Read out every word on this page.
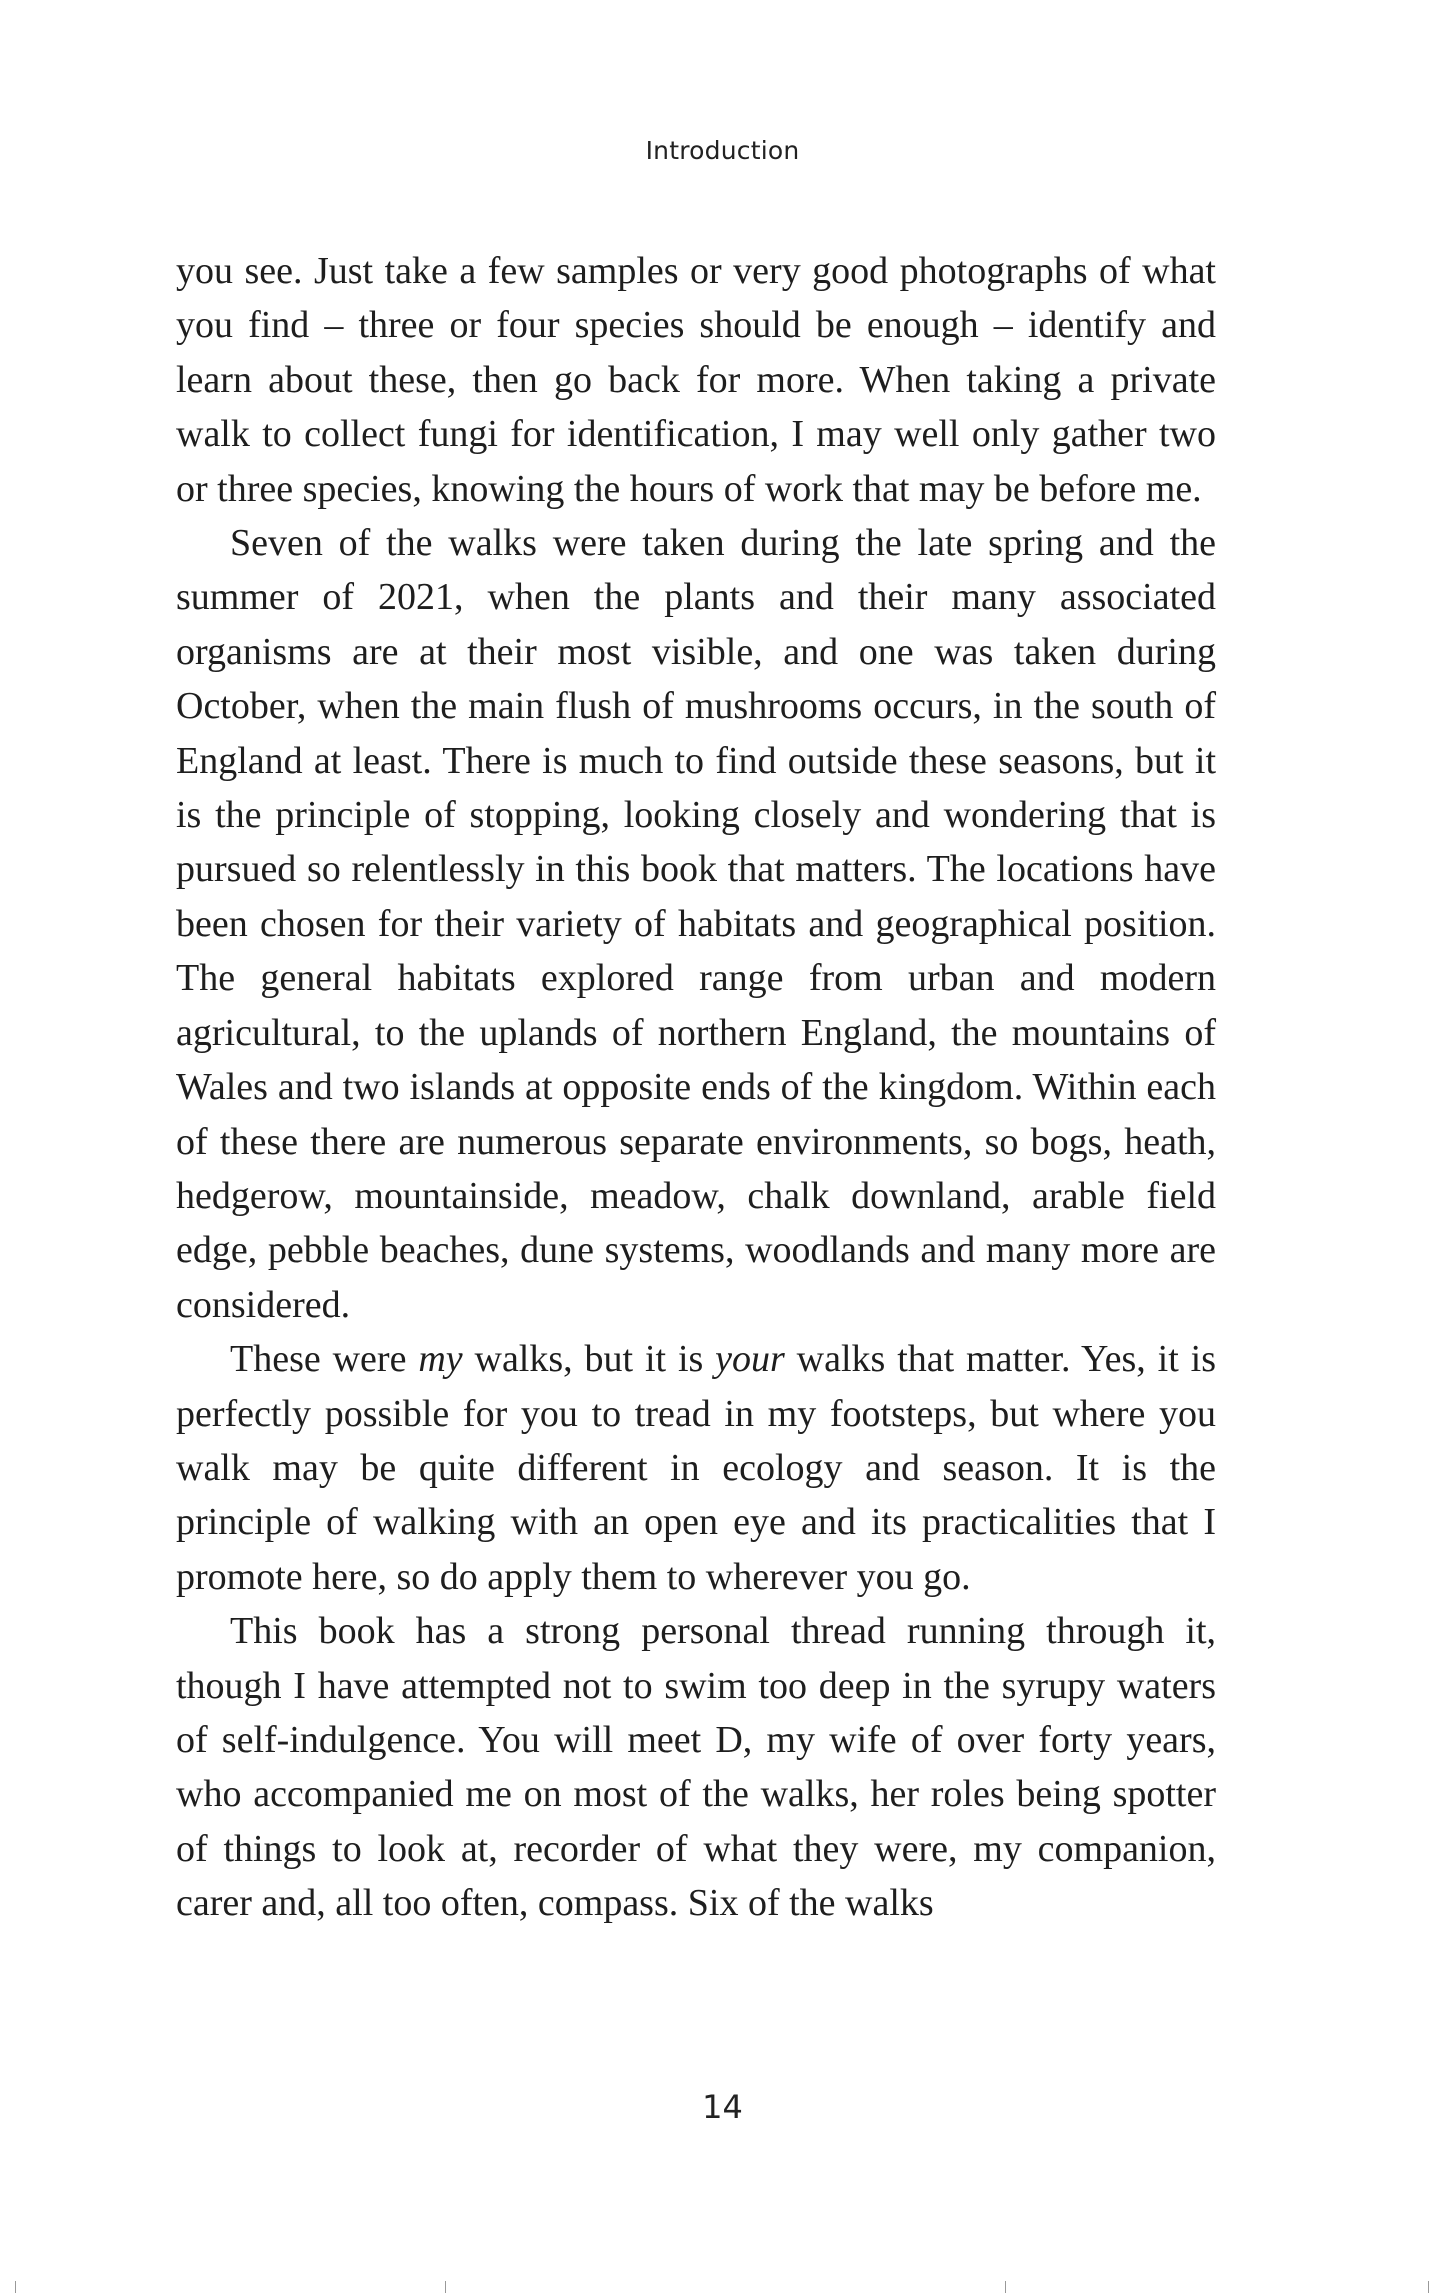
Introduction

you see. Just take a few samples or very good photographs of what you find – three or four species should be enough – identify and learn about these, then go back for more. When taking a private walk to collect fungi for identification, I may well only gather two or three species, knowing the hours of work that may be before me.

Seven of the walks were taken during the late spring and the summer of 2021, when the plants and their many associated organisms are at their most visible, and one was taken during October, when the main flush of mushrooms occurs, in the south of England at least. There is much to find outside these seasons, but it is the principle of stopping, looking closely and wondering that is pursued so relentlessly in this book that matters. The locations have been chosen for their variety of habitats and geographical position. The general habitats explored range from urban and modern agricultural, to the uplands of northern England, the mountains of Wales and two islands at opposite ends of the kingdom. Within each of these there are numerous separate environments, so bogs, heath, hedgerow, mountainside, meadow, chalk downland, arable field edge, pebble beaches, dune systems, woodlands and many more are considered.

These were my walks, but it is your walks that matter. Yes, it is perfectly possible for you to tread in my footsteps, but where you walk may be quite different in ecology and season. It is the principle of walking with an open eye and its practicalities that I promote here, so do apply them to wherever you go.

This book has a strong personal thread running through it, though I have attempted not to swim too deep in the syrupy waters of self-indulgence. You will meet D, my wife of over forty years, who accompanied me on most of the walks, her roles being spotter of things to look at, recorder of what they were, my companion, carer and, all too often, compass. Six of the walks

14
